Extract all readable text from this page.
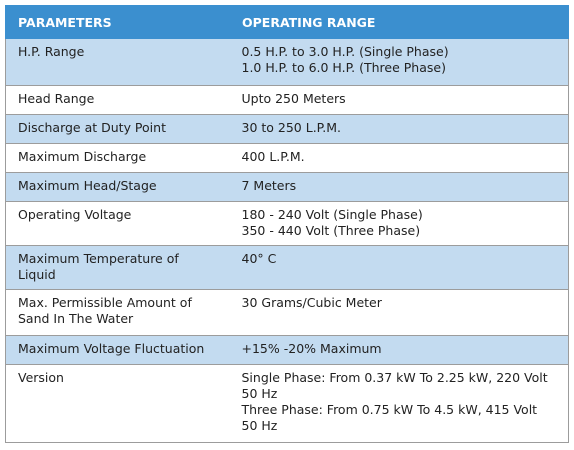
PARAMETERS	OPERATING RANGE

H.P. Range	0.5 H.P. to 3.0 H.P. (Single Phase)
1.0 H.P. to 6.0 H.P. (Three Phase)

Head Range	Upto 250 Meters

Discharge at Duty Point	30 to 250 L.P.M.

Maximum Discharge	400 L.P.M.

Maximum Head/Stage	7 Meters

Operating Voltage	180 - 240 Volt (Single Phase)
350 - 440 Volt (Three Phase)

Maximum Temperature of
Liquid	40° C

Max. Permissible Amount of
Sand In The Water	30 Grams/Cubic Meter

Maximum Voltage Fluctuation	+15% -20% Maximum

Version	Single Phase: From 0.37 kW To 2.25 kW, 220 Volt
50 Hz
Three Phase: From 0.75 kW To 4.5 kW, 415 Volt
50 Hz
